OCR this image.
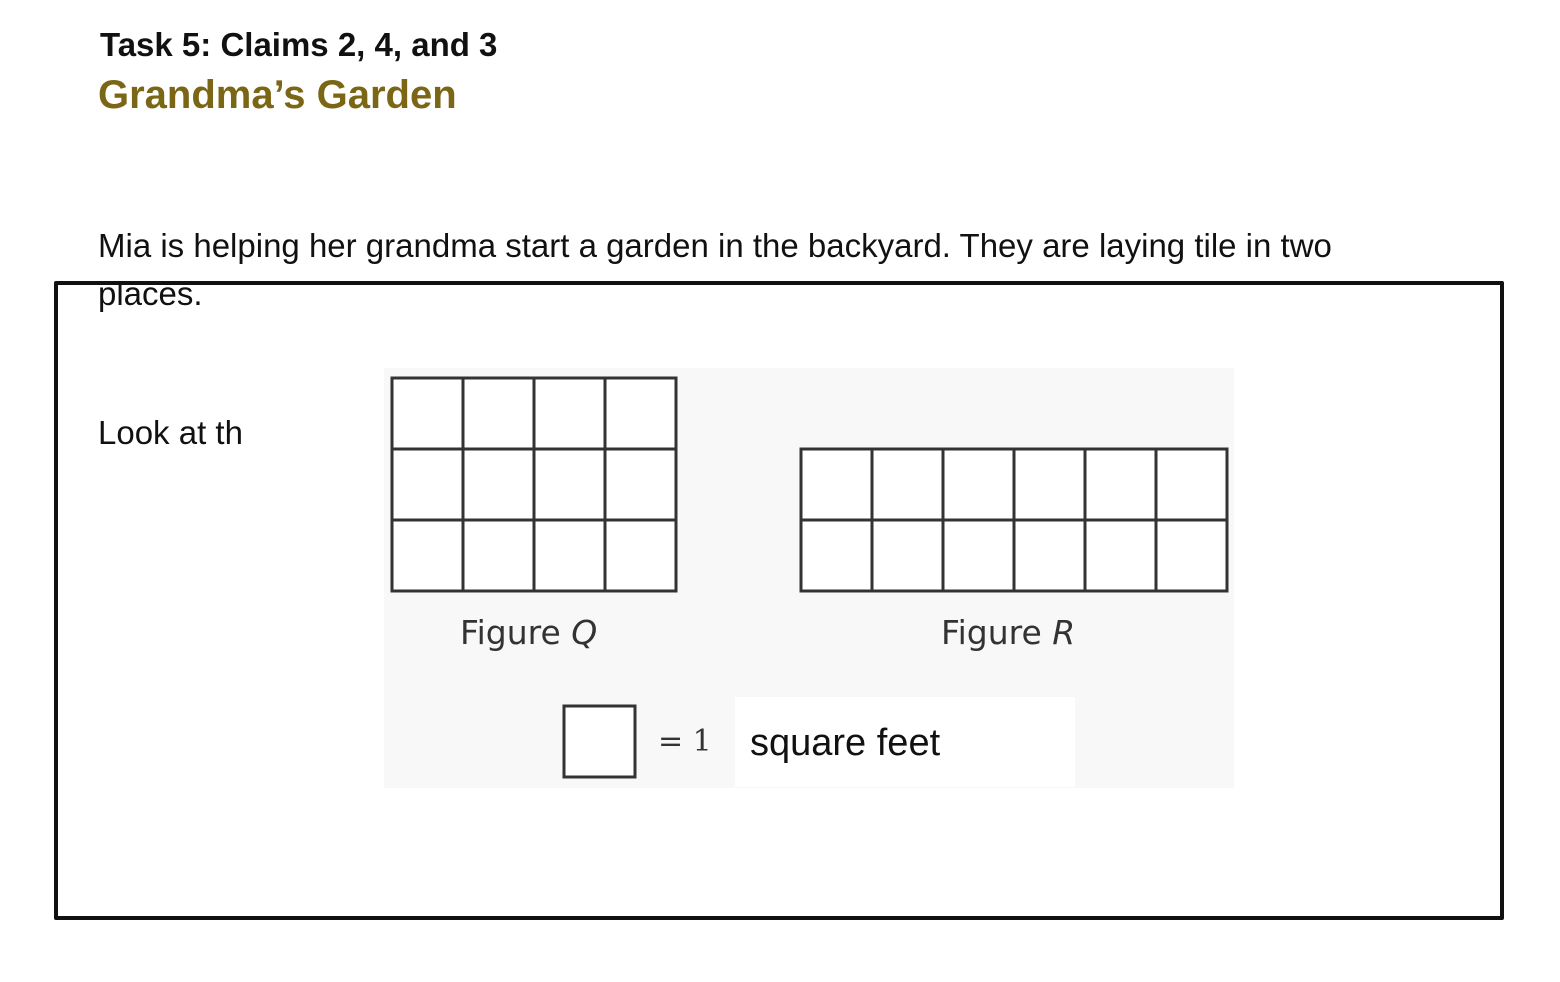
Task 5: Claims 2, 4, and 3
Grandma’s Garden
Mia is helping her grandma start a garden in the backyard. They are laying tile in two
places.
Look at th
Figure Q	Figure R
= 1 square feet
